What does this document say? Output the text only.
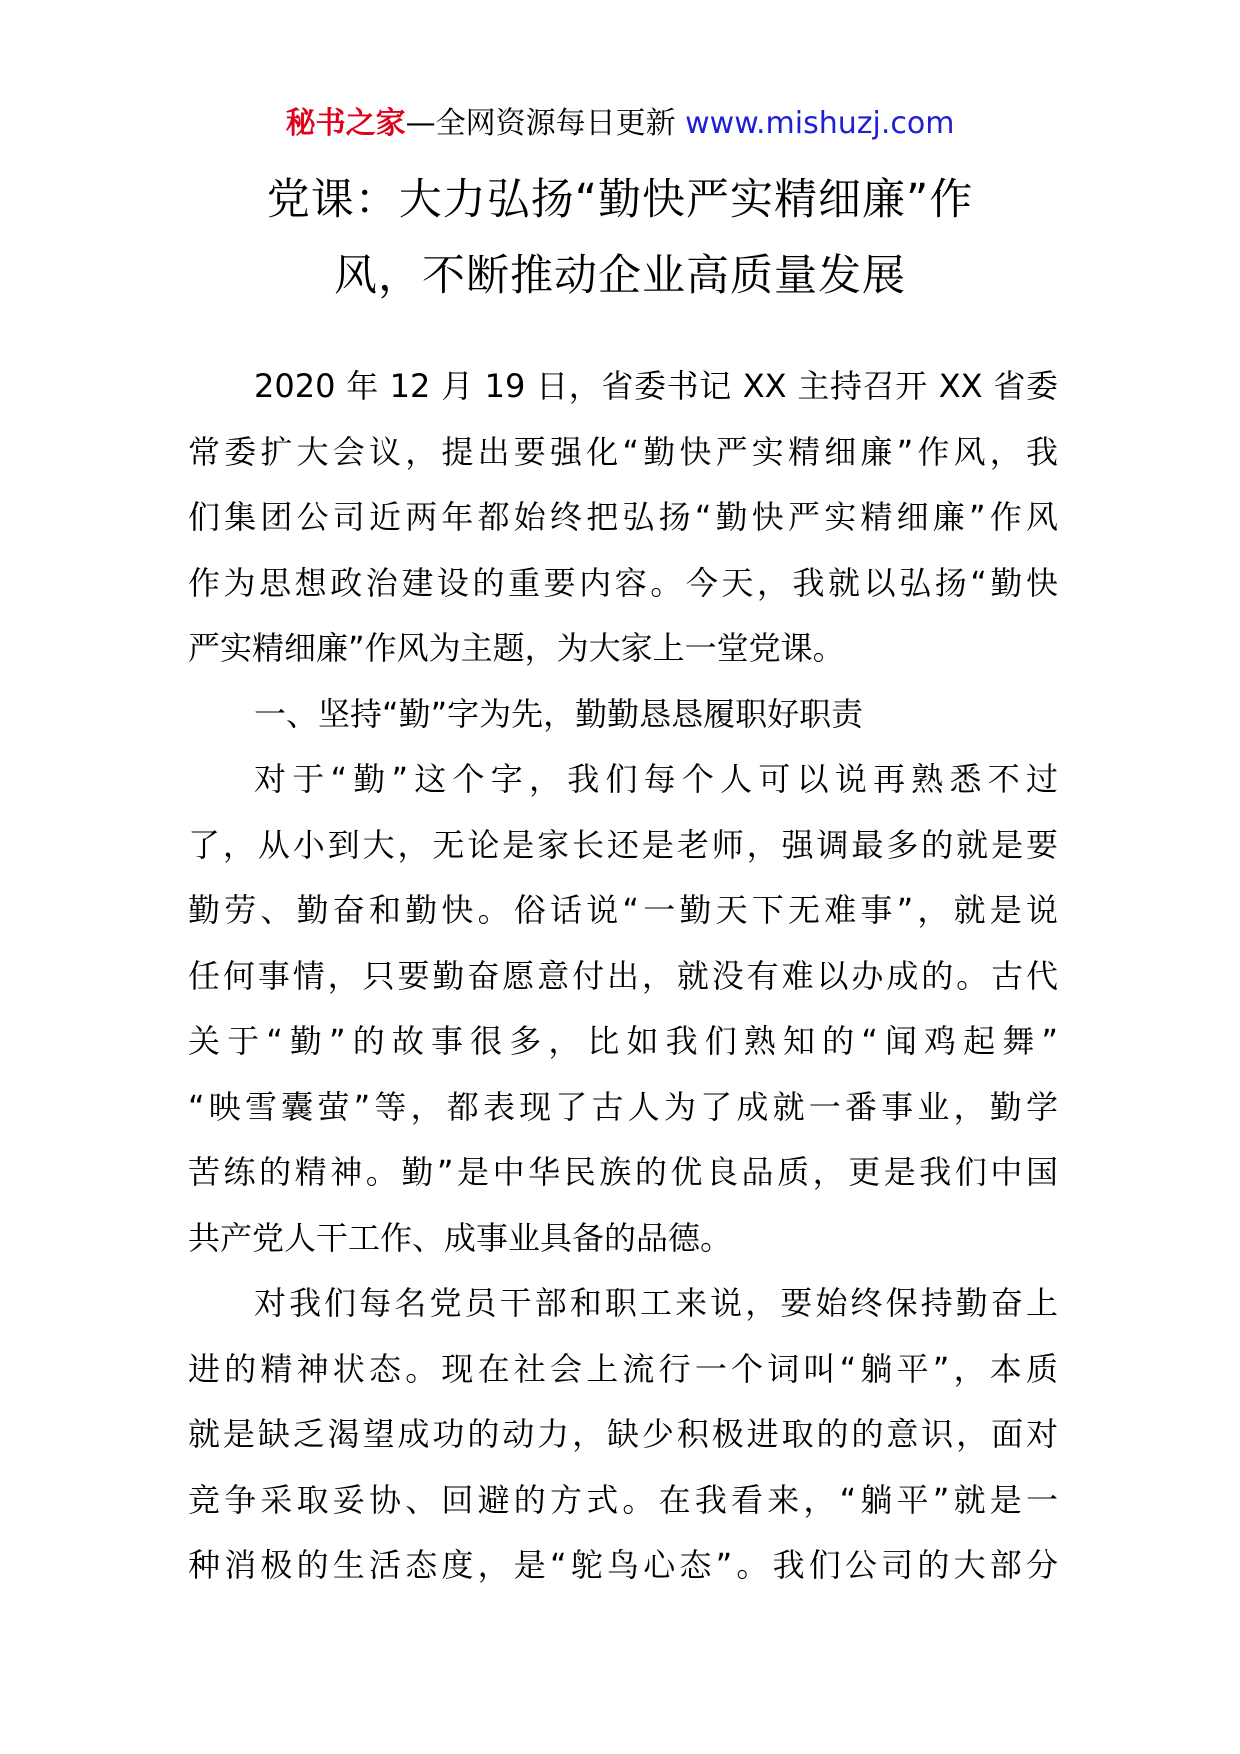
秘书之家—全网资源每日更新 www.mishuzj.com
党课：大力弘扬“勤快严实精细廉”作
风，不断推动企业高质量发展
2020 年 12 月 19 日，省委书记 XX 主持召开 XX 省委
常委扩大会议，提出要强化“勤快严实精细廉”作风，我
们集团公司近两年都始终把弘扬“勤快严实精细廉”作风
作为思想政治建设的重要内容。今天，我就以弘扬“勤快
严实精细廉”作风为主题，为大家上一堂党课。
一、坚持“勤”字为先，勤勤恳恳履职好职责
对于“勤”这个字，我们每个人可以说再熟悉不过
了，从小到大，无论是家长还是老师，强调最多的就是要
勤劳、勤奋和勤快。俗话说“一勤天下无难事”，就是说
任何事情，只要勤奋愿意付出，就没有难以办成的。古代
关于“勤”的故事很多，比如我们熟知的“闻鸡起舞”
“映雪囊萤”等，都表现了古人为了成就一番事业，勤学
苦练的精神。勤”是中华民族的优良品质，更是我们中国
共产党人干工作、成事业具备的品德。
对我们每名党员干部和职工来说，要始终保持勤奋上
进的精神状态。现在社会上流行一个词叫“躺平”，本质
就是缺乏渴望成功的动力，缺少积极进取的的意识，面对
竞争采取妥协、回避的方式。在我看来，“躺平”就是一
种消极的生活态度，是“鸵鸟心态”。我们公司的大部分
